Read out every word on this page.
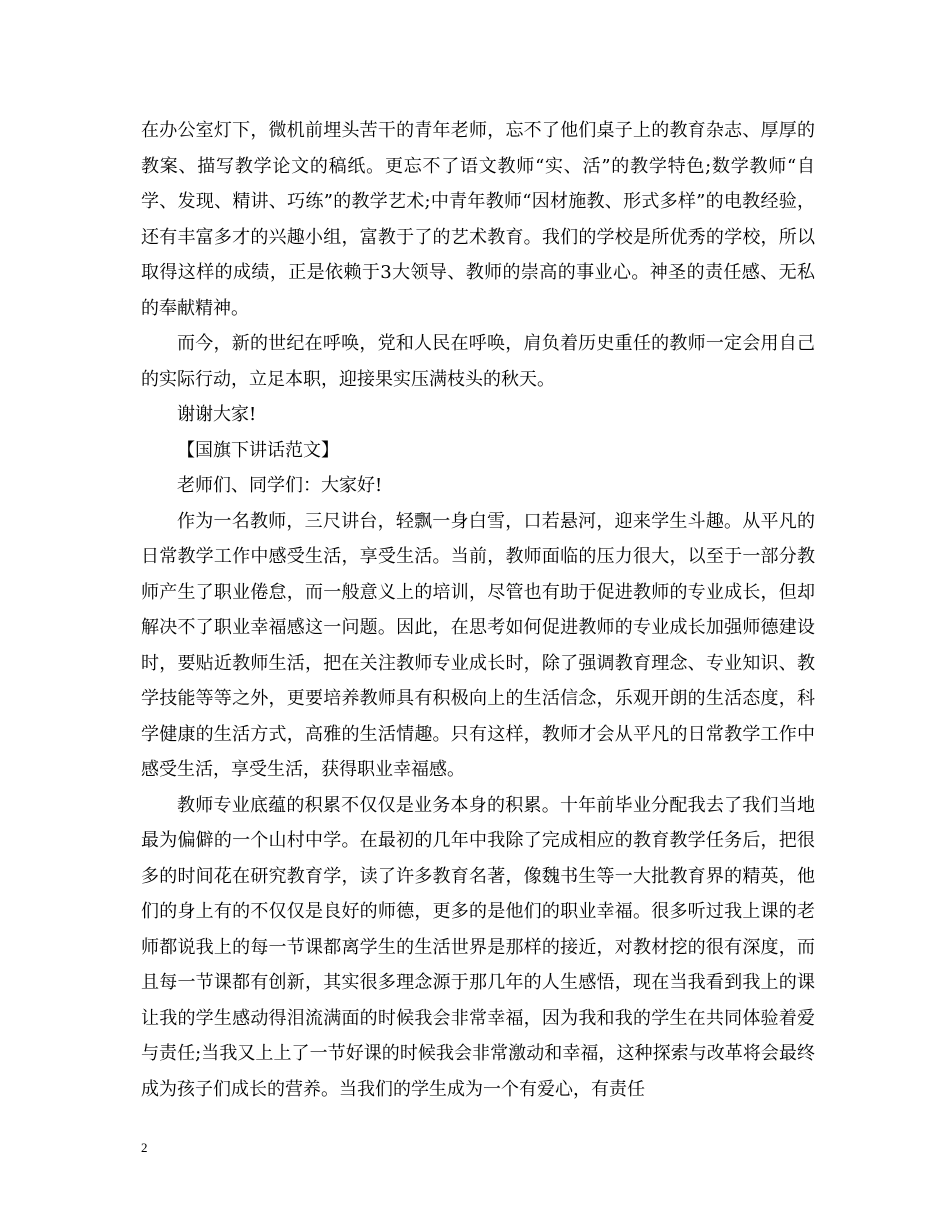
在办公室灯下，微机前埋头苦干的青年老师，忘不了他们桌子上的教育杂志、厚厚的教案、描写教学论文的稿纸。更忘不了语文教师“实、活”的教学特色;数学教师“自学、发现、精讲、巧练”的教学艺术;中青年教师“因材施教、形式多样”的电教经验，还有丰富多才的兴趣小组，富教于了的艺术教育。我们的学校是所优秀的学校，所以取得这样的成绩，正是依赖于3大领导、教师的崇高的事业心。神圣的责任感、无私的奉献精神。

而今，新的世纪在呼唤，党和人民在呼唤，肩负着历史重任的教师一定会用自己的实际行动，立足本职，迎接果实压满枝头的秋天。

谢谢大家!

【国旗下讲话范文】

老师们、同学们：大家好!

作为一名教师，三尺讲台，轻飘一身白雪，口若悬河，迎来学生斗趣。从平凡的日常教学工作中感受生活，享受生活。当前，教师面临的压力很大，以至于一部分教师产生了职业倦怠，而一般意义上的培训，尽管也有助于促进教师的专业成长，但却解决不了职业幸福感这一问题。因此，在思考如何促进教师的专业成长加强师德建设时，要贴近教师生活，把在关注教师专业成长时，除了强调教育理念、专业知识、教学技能等等之外，更要培养教师具有积极向上的生活信念，乐观开朗的生活态度，科学健康的生活方式，高雅的生活情趣。只有这样，教师才会从平凡的日常教学工作中感受生活，享受生活，获得职业幸福感。

教师专业底蕴的积累不仅仅是业务本身的积累。十年前毕业分配我去了我们当地最为偏僻的一个山村中学。在最初的几年中我除了完成相应的教育教学任务后，把很多的时间花在研究教育学，读了许多教育名著，像魏书生等一大批教育界的精英，他们的身上有的不仅仅是良好的师德，更多的是他们的职业幸福。很多听过我上课的老师都说我上的每一节课都离学生的生活世界是那样的接近，对教材挖的很有深度，而且每一节课都有创新，其实很多理念源于那几年的人生感悟，现在当我看到我上的课让我的学生感动得泪流满面的时候我会非常幸福，因为我和我的学生在共同体验着爱与责任;当我又上上了一节好课的时候我会非常激动和幸福，这种探索与改革将会最终成为孩子们成长的营养。当我们的学生成为一个有爱心，有责任

2
